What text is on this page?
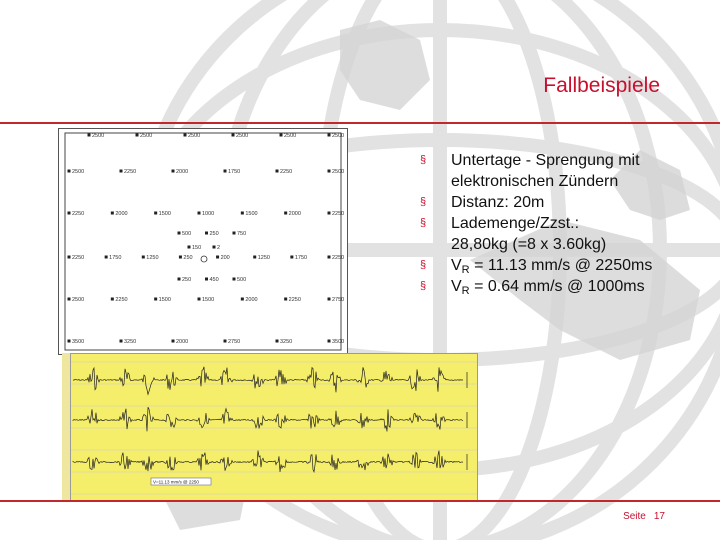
Fallbeispiele
2500	2500	2500	2500	2500	2500
2500	2250	2000	1750	2250	2500
2250	2000	1500	1000	1500	2000	2250
500	250	750
150	2
2250	1750	1250	250	200	1250	1750	2250
250	450	500
2500	2250	1500	1500	2000	2250	2750
3500	3250	2000	2750	3250	3500
V=11.13 mm/s @ 2250
§ Untertage - Sprengung mit
elektronischen Zündern
§ Distanz: 20m
§ Lademenge/Zzst.:
28,80kg (=8 x 3.60kg)
§ $V_R = 11.13$ mm/s @ 2250ms
§ $V_R = 0.64$ mm/s @ 1000ms
Seite 17
